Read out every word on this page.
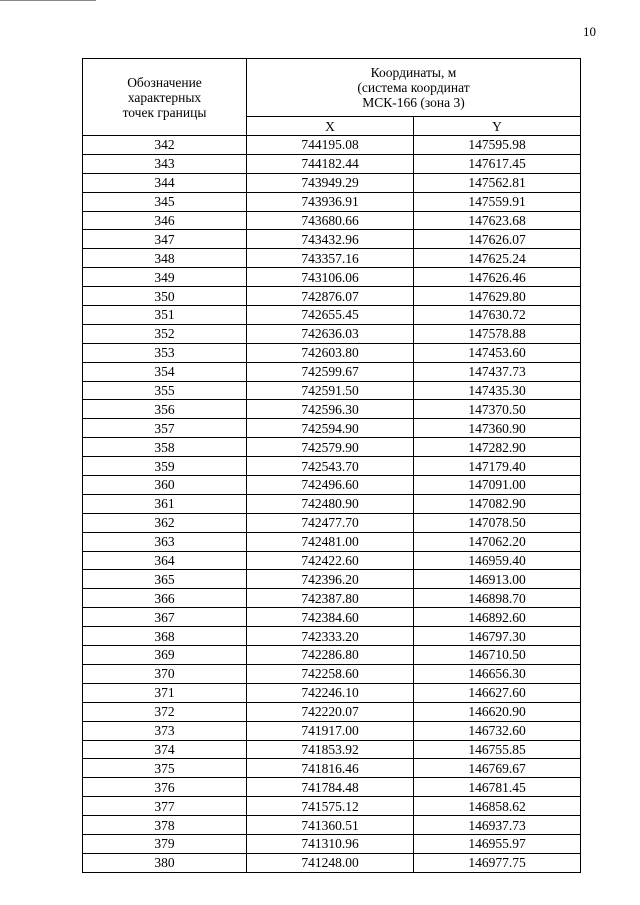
10
Обозначение
характерных
точек границы	Координаты, м
(система координат
МСК-166 (зона 3)	

	X	Y
342	744195.08	147595.98
343	744182.44	147617.45
344	743949.29	147562.81
345	743936.91	147559.91
346	743680.66	147623.68
347	743432.96	147626.07
348	743357.16	147625.24
349	743106.06	147626.46
350	742876.07	147629.80
351	742655.45	147630.72
352	742636.03	147578.88
353	742603.80	147453.60
354	742599.67	147437.73
355	742591.50	147435.30
356	742596.30	147370.50
357	742594.90	147360.90
358	742579.90	147282.90
359	742543.70	147179.40
360	742496.60	147091.00
361	742480.90	147082.90
362	742477.70	147078.50
363	742481.00	147062.20
364	742422.60	146959.40
365	742396.20	146913.00
366	742387.80	146898.70
367	742384.60	146892.60
368	742333.20	146797.30
369	742286.80	146710.50
370	742258.60	146656.30
371	742246.10	146627.60
372	742220.07	146620.90
373	741917.00	146732.60
374	741853.92	146755.85
375	741816.46	146769.67
376	741784.48	146781.45
377	741575.12	146858.62
378	741360.51	146937.73
379	741310.96	146955.97
380	741248.00	146977.75
